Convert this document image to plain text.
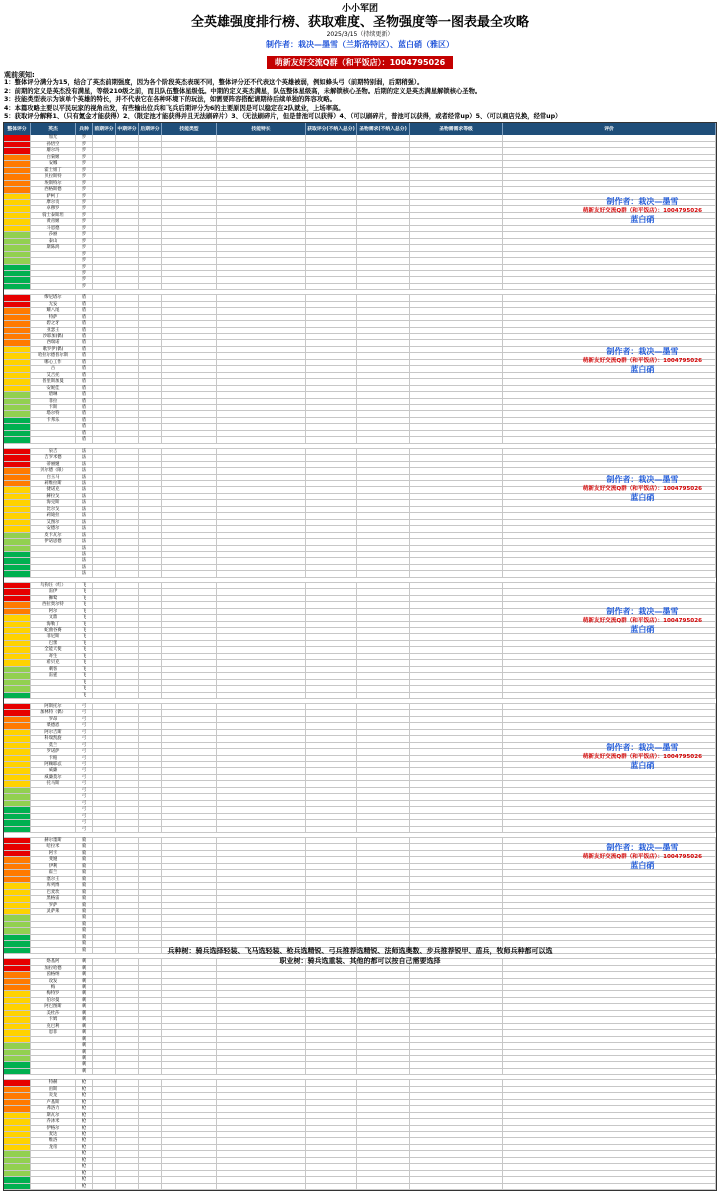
小小军团
全英雄强度排行榜、获取难度、圣物强度等一图表最全攻略
2025/3/15（持续更新）
制作者：栽决—墨雪（兰斯洛特区）、蓝白硝（雅区）
萌新友好交流Q群（和平饭店）：1004795026
观前须知:
1：整体评分满分为15，结合了英杰前期强度，因为各个阶段英杰表现不同，整体评分还不代表这个英雄被弱，例如蜂头弓（前期特别弱，后期稍强）。
2：前期的定义是英杰没有满星，等级210级之前，而且队伍整体星级低。中期的定义英杰满星，队伍整体星级高，未解锁核心圣物。后期的定义是英杰满星解锁核心圣物。
3：技能类型表示为该单个英雄的特长，并不代表它在各种环境下的玩法，如需要阵容搭配请期待后续单独的阵容攻略。
4：本篇攻略主要以平民玩家的视角出发，有些输出位兵和飞兵后期评分为6的主要原因是可以稳定在2队就业，上场率高。
5：获取评分解释1、（只有氪金才能获得）2、（限定池才能获得并且无法刷碎片）3、（无法刷碎片，但是普池可以获得）4、（可以刷碎片，普池可以获得，或者经常up）5、（可以商店兑换，经常up）
整体评分	英杰	兵种	前期评分 中期评分 后期评分	技能类型	技能特长	获取评分(不纳入总分) 圣物需求(不纳入总分)	圣物需需求等级	评价
加尤	步
孙悟空	步
蘑尔玛	步
白菊姬	步
安娜	步
霍士姐丁	步
贝拉斯特	步
埃斯特尔	步
西格斯德	步
萨柯丁	步
摩尔贡	步
卓穆罗	步
骑士泰斯坦	步
黄帝姬	步
斗恩德	步
莎丽	步
泰山	步
斯陈鸿	步
步
步
步
步
步
步
缪尼塔尔	盾
无妄	盾
耀八尾	盾
特萨	盾
碧之牙	盾
亚瑟王	盾
沙耶加(偶)	盾
西瑞诺	盾
歌罗伊(偶)	盾
哈拉尔德普尔斯	盾
哪心工作	盾
古	盾
艾吉托	盾
普里斯加曼	盾
安妮佳	盾
碧琳	盾
菲拉	盾
卡斯	盾
塔尔特	盾
卡邦乐	盾
盾
盾
盾
泉吉	法
吉罗米德	法
蒂丽娅	法
贝尔德（限）	法
白玉马	法
莉维拉斯	法
捷诺克	法
赫拉戈	法
海克斯	法
比尔戈	法
莉迪拉	法
艾图尔	法
安德尔	法
皮卡瓦尔	法
伊诺思德	法
法
法
法
法
法
鸟狗汪（红）	飞
雷伊	飞
狮鹫	飞
西拉奥尔特	飞
阿尔	飞
文鼎	飞
海勒丁	飞
蛇曲谷赛	飞
菲尼斯	飞
巴蕾	飞
全能天使	飞
寄生	飞
希贝克	飞
刺客	飞
雷霆	飞
飞
飞
飞
阿斯托尔	弓
加林特（偶）	弓
罗昂	弓
菜德恩	弓
阿尔吉斯	弓
科瑞凯旋	弓
莫兰	弓
罗诺萨	弓
卡帕	弓
阿赖耶忒	弓
威廉	弓
威廉莫尔	弓
托马斯	弓
弓
弓
弓
弓
弓
弓
弓
赫尔墨斯	骑
哈拉米	骑
阿卡	骑
斐娅	骑
伊利	骑
霍兰	骑
塞尔王	骑
库列博	骑
巴麦坎	骑
黑格雷	骑
罗萨	骑
灵萨莱	骑
骑
骑
骑
骑
骑
骑
烙基阿	刺
加拉哈德	刺
茵格纳	刺
攻发	刺
梅	刺
梅特罗	刺
伯尔曼	刺
阿巴图斯	刺
美杜莎	刺
卡姆	刺
克巴利	刺
恩菲	刺
刺
刺
刺
刺
刺
刺
特赫	枪
宙斯	枪
炎龙	枪
卢基斯	枪
弗洛力	枪
斯瓦尔	枪
乔沐米	枪
伊格尔	枪
麦达	枪
维洛	枪
龙帝	枪
枪
枪
枪
枪
枪
枪
制作者：栽决—墨雪
萌新友好交流Q群（和平饭店）：1004795026
蓝白硝
制作者：栽决—墨雪
萌新友好交流Q群（和平饭店）：1004795026
蓝白硝
制作者：栽决—墨雪
萌新友好交流Q群（和平饭店）：1004795026
蓝白硝
制作者：栽决—墨雪
萌新友好交流Q群（和平饭店）：1004795026
蓝白硝
制作者：栽决—墨雪
萌新友好交流Q群（和平饭店）：1004795026
蓝白硝
制作者：栽决—墨雪
萌新友好交流Q群（和平饭店）：1004795026
蓝白硝
兵种树：骑兵选择轻装、飞马选轻装、枪兵选精锐、弓兵推荐选精锐、法师选奥数、步兵推荐锐甲、盾兵，牧师兵种都可以选
职业树：骑兵选重装、其他的都可以按自己需要选择
